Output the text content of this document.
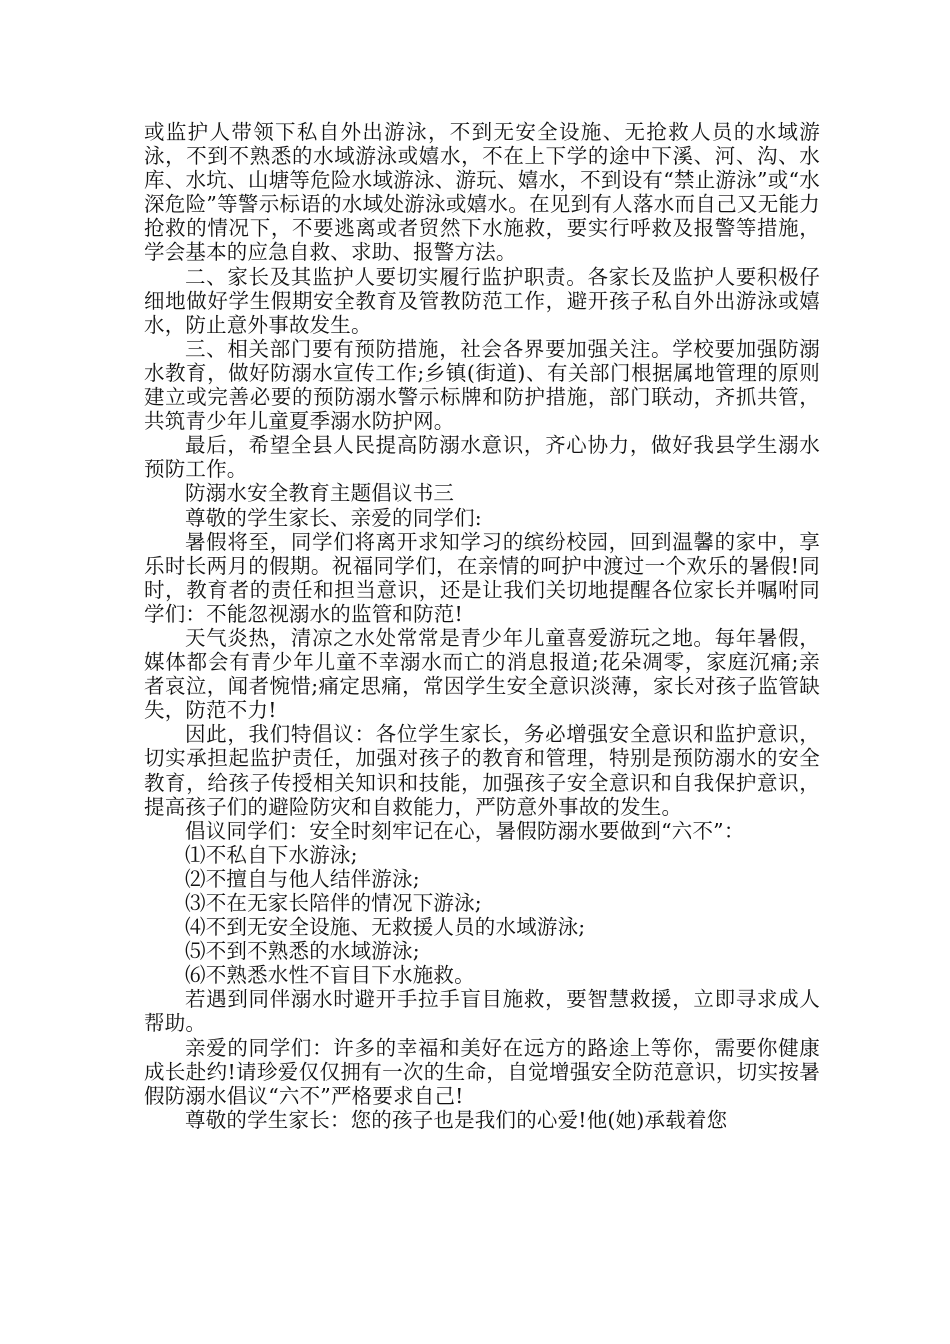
或监护人带领下私自外出游泳，不到无安全设施、无抢救人员的水域游泳，不到不熟悉的水域游泳或嬉水，不在上下学的途中下溪、河、沟、水库、水坑、山塘等危险水域游泳、游玩、嬉水，不到设有“禁止游泳”或“水深危险”等警示标语的水域处游泳或嬉水。在见到有人落水而自己又无能力抢救的情况下，不要逃离或者贸然下水施救，要实行呼救及报警等措施，学会基本的应急自救、求助、报警方法。

二、家长及其监护人要切实履行监护职责。各家长及监护人要积极仔细地做好学生假期安全教育及管教防范工作，避开孩子私自外出游泳或嬉水，防止意外事故发生。

三、相关部门要有预防措施，社会各界要加强关注。学校要加强防溺水教育，做好防溺水宣传工作;乡镇(街道)、有关部门根据属地管理的原则建立或完善必要的预防溺水警示标牌和防护措施，部门联动，齐抓共管，共筑青少年儿童夏季溺水防护网。

最后，希望全县人民提高防溺水意识，齐心协力，做好我县学生溺水预防工作。

防溺水安全教育主题倡议书三

尊敬的学生家长、亲爱的同学们:

暑假将至，同学们将离开求知学习的缤纷校园，回到温馨的家中，享乐时长两月的假期。祝福同学们，在亲情的呵护中渡过一个欢乐的暑假!同时，教育者的责任和担当意识，还是让我们关切地提醒各位家长并嘱咐同学们：不能忽视溺水的监管和防范!

天气炎热，清凉之水处常常是青少年儿童喜爱游玩之地。每年暑假，媒体都会有青少年儿童不幸溺水而亡的消息报道;花朵凋零，家庭沉痛;亲者哀泣，闻者惋惜;痛定思痛，常因学生安全意识淡薄，家长对孩子监管缺失，防范不力!

因此，我们特倡议：各位学生家长，务必增强安全意识和监护意识，切实承担起监护责任，加强对孩子的教育和管理，特别是预防溺水的安全教育，给孩子传授相关知识和技能，加强孩子安全意识和自我保护意识，提高孩子们的避险防灾和自救能力，严防意外事故的发生。

倡议同学们：安全时刻牢记在心，暑假防溺水要做到“六不”：

⑴不私自下水游泳;

⑵不擅自与他人结伴游泳;

⑶不在无家长陪伴的情况下游泳;

⑷不到无安全设施、无救援人员的水域游泳;

⑸不到不熟悉的水域游泳;

⑹不熟悉水性不盲目下水施救。

若遇到同伴溺水时避开手拉手盲目施救，要智慧救援，立即寻求成人帮助。

亲爱的同学们：许多的幸福和美好在远方的路途上等你，需要你健康成长赴约!请珍爱仅仅拥有一次的生命，自觉增强安全防范意识，切实按暑假防溺水倡议“六不”严格要求自己!

尊敬的学生家长：您的孩子也是我们的心爱!他(她)承载着您
